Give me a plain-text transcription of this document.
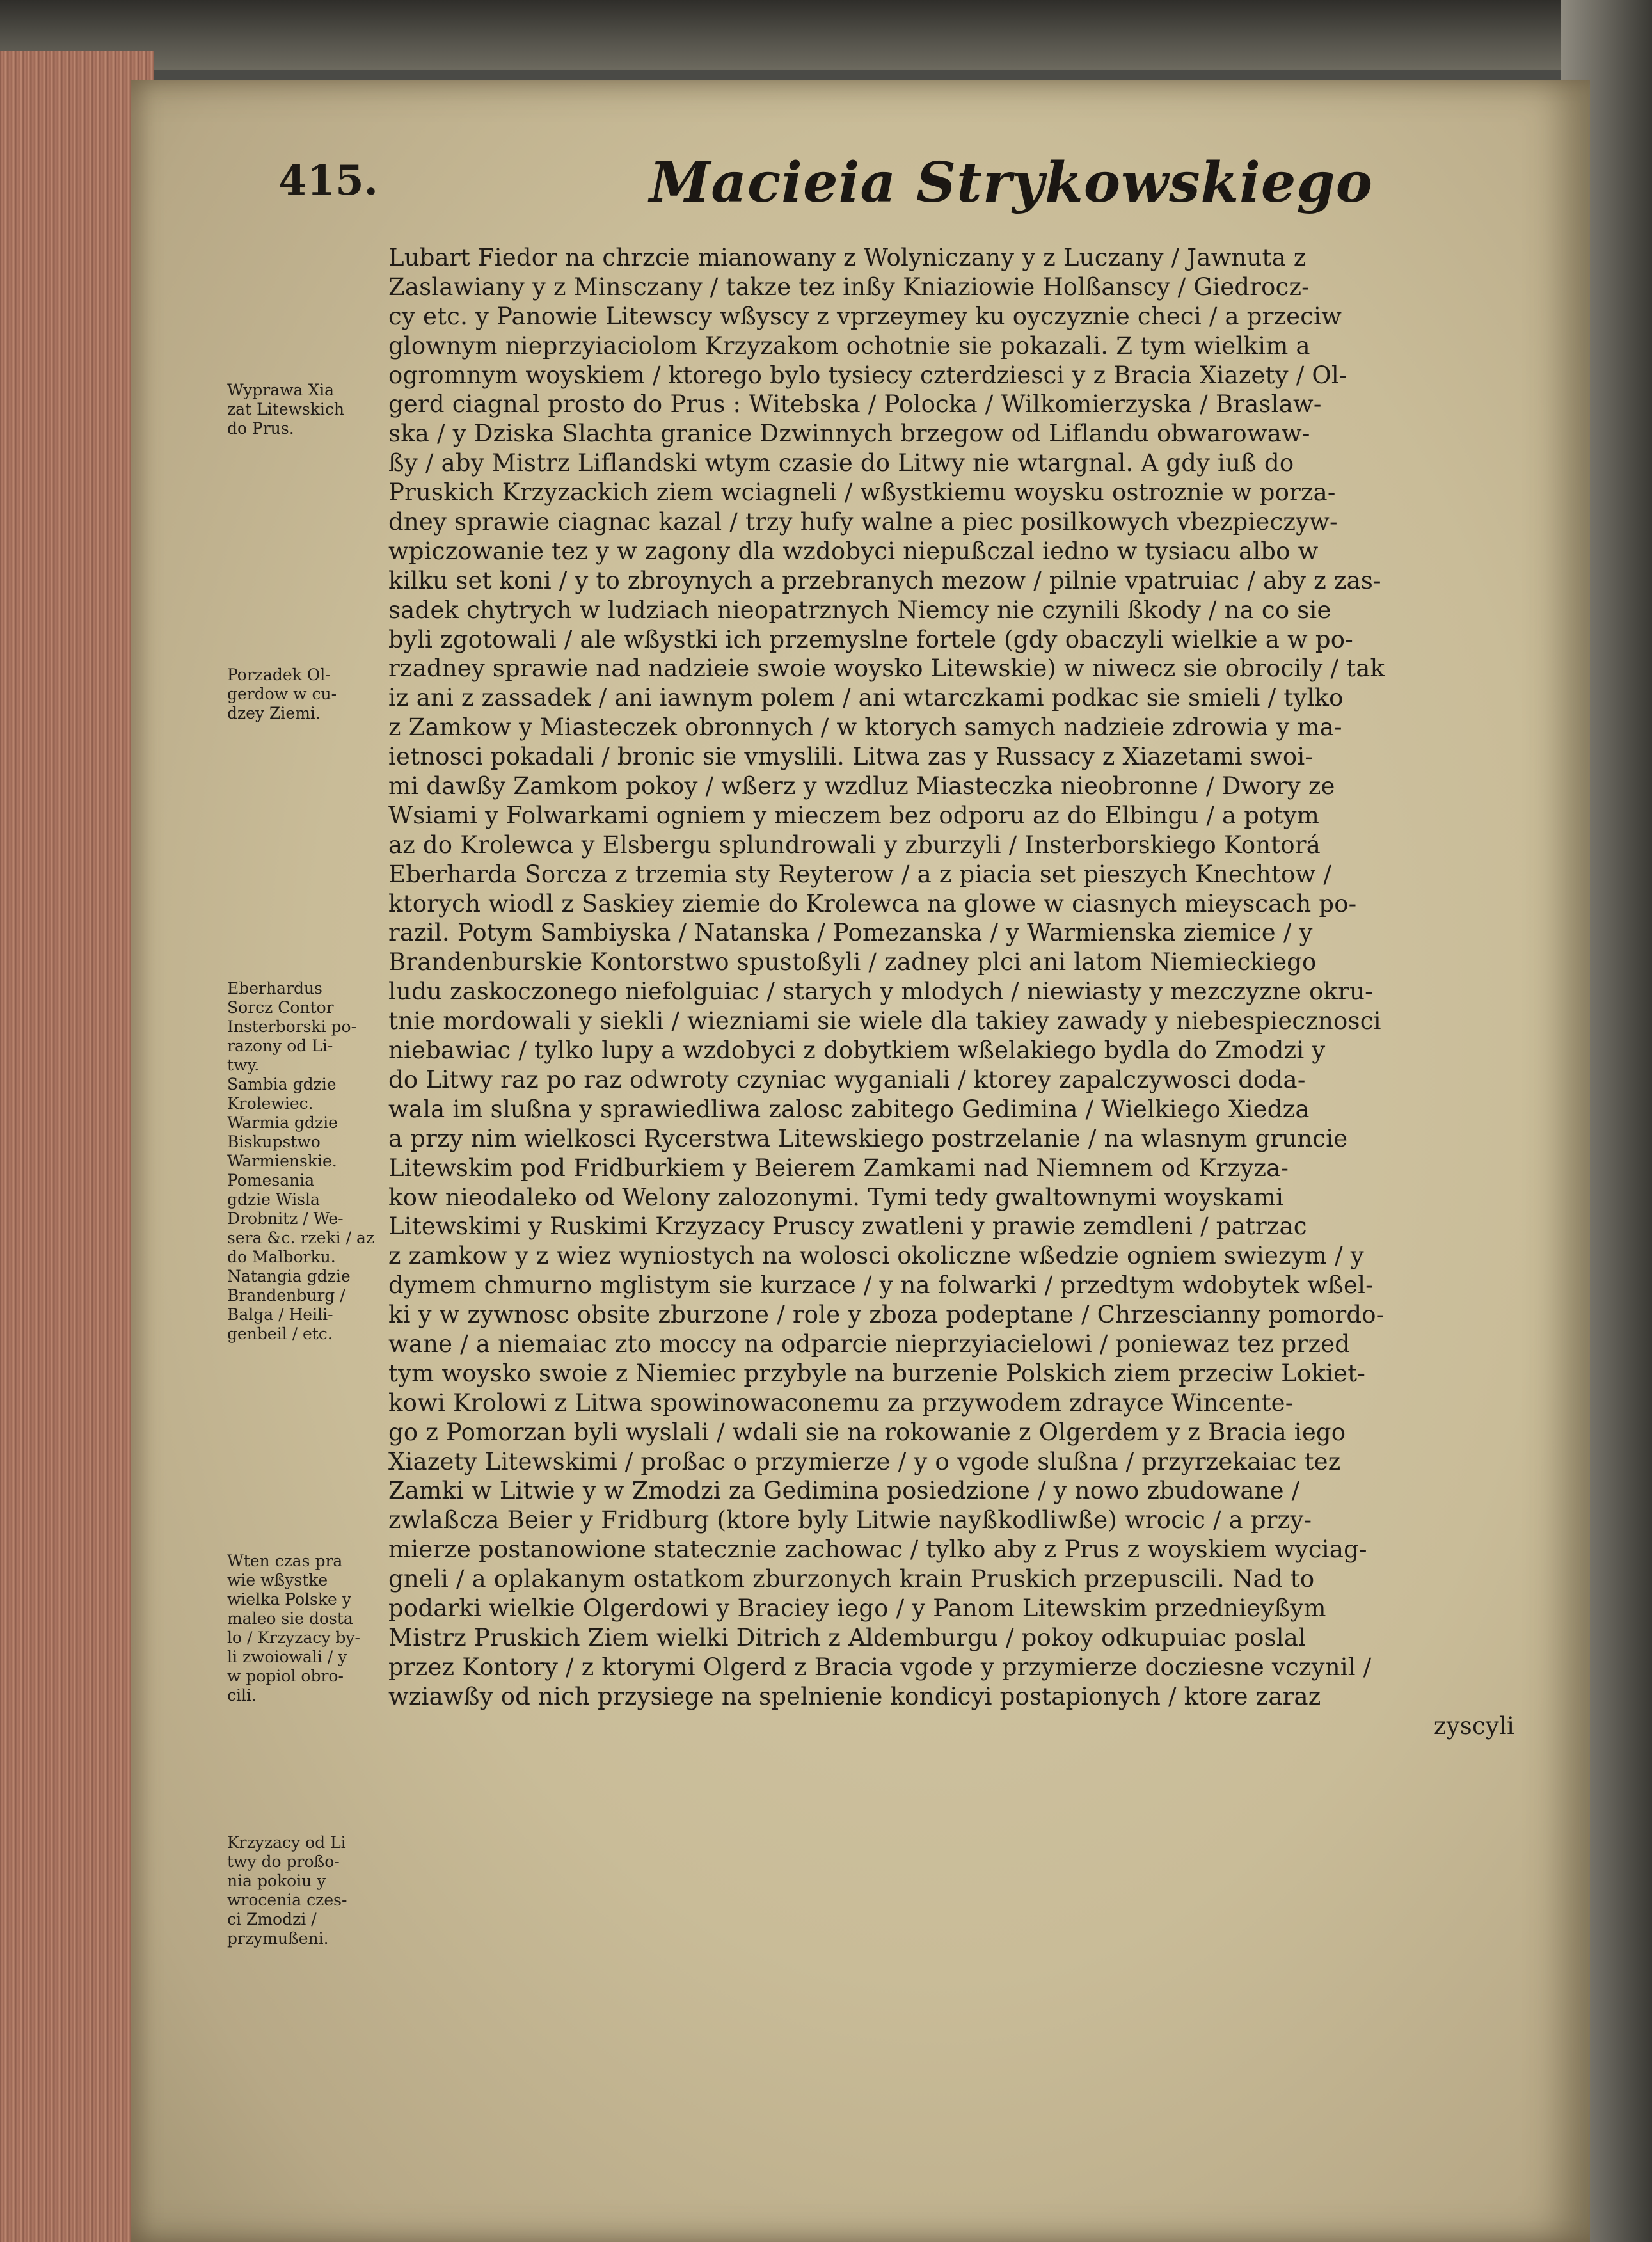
415.	Macieia Strykowskiego
Lubart Fiedor na chrzcie mianowany z Wolyniczany y z Luczany / Jawnuta z
Zaslawiany y z Minsczany / takze tez inßy Kniaziowie Holßanscy / Giedrocz-
cy etc. y Panowie Litewscy wßyscy z vprzeymey ku oyczyznie checi / a przeciw
glownym nieprzyiaciolom Krzyzakom ochotnie sie pokazali. Z tym wielkim a
ogromnym woyskiem / ktorego bylo tysiecy czterdziesci y z Bracia Xiazety / Ol-
gerd ciagnal prosto do Prus : Witebska / Polocka / Wilkomierzyska / Braslaw-
ska / y Dziska Slachta granice Dzwinnych brzegow od Liflandu obwarowaw-
ßy / aby Mistrz Liflandski wtym czasie do Litwy nie wtargnal. A gdy iuß do
Pruskich Krzyzackich ziem wciagneli / wßystkiemu woysku ostroznie w porza-
dney sprawie ciagnac kazal / trzy hufy walne a piec posilkowych vbezpieczyw-
wpiczowanie tez y w zagony dla wzdobyci niepußczal iedno w tysiacu albo w
kilku set koni / y to zbroynych a przebranych mezow / pilnie vpatruiac / aby z zas-
sadek chytrych w ludziach nieopatrznych Niemcy nie czynili ßkody / na co sie
byli zgotowali / ale wßystki ich przemyslne fortele (gdy obaczyli wielkie a w po-
rzadney sprawie nad nadzieie swoie woysko Litewskie) w niwecz sie obrocily / tak
iz ani z zassadek / ani iawnym polem / ani wtarczkami podkac sie smieli / tylko
z Zamkow y Miasteczek obronnych / w ktorych samych nadzieie zdrowia y ma-
ietnosci pokadali / bronic sie vmyslili. Litwa zas y Russacy z Xiazetami swoi-
mi dawßy Zamkom pokoy / wßerz y wzdluz Miasteczka nieobronne / Dwory ze
Wsiami y Folwarkami ogniem y mieczem bez odporu az do Elbingu / a potym
az do Krolewca y Elsbergu splundrowali y zburzyli / Insterborskiego Kontorá
Eberharda Sorcza z trzemia sty Reyterow / a z piacia set pieszych Knechtow /
ktorych wiodl z Saskiey ziemie do Krolewca na glowe w ciasnych mieyscach po-
razil. Potym Sambiyska / Natanska / Pomezanska / y Warmienska ziemice / y
Brandenburskie Kontorstwo spustoßyli / zadney plci ani latom Niemieckiego
ludu zaskoczonego niefolguiac / starych y mlodych / niewiasty y mezczyzne okru-
tnie mordowali y siekli / wiezniami sie wiele dla takiey zawady y niebespiecznosci
niebawiac / tylko lupy a wzdobyci z dobytkiem wßelakiego bydla do Zmodzi y
do Litwy raz po raz odwroty czyniac wyganiali / ktorey zapalczywosci doda-
wala im slußna y sprawiedliwa zalosc zabitego Gedimina / Wielkiego Xiedza
a przy nim wielkosci Rycerstwa Litewskiego postrzelanie / na wlasnym gruncie
Litewskim pod Fridburkiem y Beierem Zamkami nad Niemnem od Krzyza-
kow nieodaleko od Welony zalozonymi. Tymi tedy gwaltownymi woyskami
Litewskimi y Ruskimi Krzyzacy Pruscy zwatleni y prawie zemdleni / patrzac
z zamkow y z wiez wyniostych na wolosci okoliczne wßedzie ogniem swiezym / y
dymem chmurno mglistym sie kurzace / y na folwarki / przedtym wdobytek wßel-
ki y w zywnosc obsite zburzone / role y zboza podeptane / Chrzescianny pomordo-
wane / a niemaiac zto moccy na odparcie nieprzyiacielowi / poniewaz tez przed
tym woysko swoie z Niemiec przybyle na burzenie Polskich ziem przeciw Lokiet-
kowi Krolowi z Litwa spowinowaconemu za przywodem zdrayce Wincente-
go z Pomorzan byli wyslali / wdali sie na rokowanie z Olgerdem y z Bracia iego
Xiazety Litewskimi / proßac o przymierze / y o vgode slußna / przyrzekaiac tez
Zamki w Litwie y w Zmodzi za Gedimina posiedzione / y nowo zbudowane /
zwlaßcza Beier y Fridburg (ktore byly Litwie nayßkodliwße) wrocic / a przy-
mierze postanowione statecznie zachowac / tylko aby z Prus z woyskiem wyciag-
gneli / a oplakanym ostatkom zburzonych krain Pruskich przepuscili. Nad to
podarki wielkie Olgerdowi y Braciey iego / y Panom Litewskim przednieyßym
Mistrz Pruskich Ziem wielki Ditrich z Aldemburgu / pokoy odkupuiac poslal
przez Kontory / z ktorymi Olgerd z Bracia vgode y przymierze docziesne vczynil /
wziawßy od nich przysiege na spelnienie kondicyi postapionych / ktore zaraz
zyscyli
Wyprawa Xia
zat Litewskich
do Prus.
Porzadek Ol-
gerdow w cu-
dzey Ziemi.
Eberhardus
Sorcz Contor
Insterborski po-
razony od Li-
twy.
Sambia gdzie
Krolewiec.
Warmia gdzie
Biskupstwo
Warmienskie.
Pomesania
gdzie Wisla
Drobnitz / We-
sera &c. rzeki / az
do Malborku.
Natangia gdzie
Brandenburg /
Balga / Heili-
genbeil / etc.
Wten czas pra
wie wßystke
wielka Polske y
maleo sie dosta
lo / Krzyzacy by-
li zwoiowali / y
w popiol obro-
cili.
Krzyzacy od Li
twy do proßo-
nia pokoiu y
wrocenia czes-
ci Zmodzi /
przymußeni.
